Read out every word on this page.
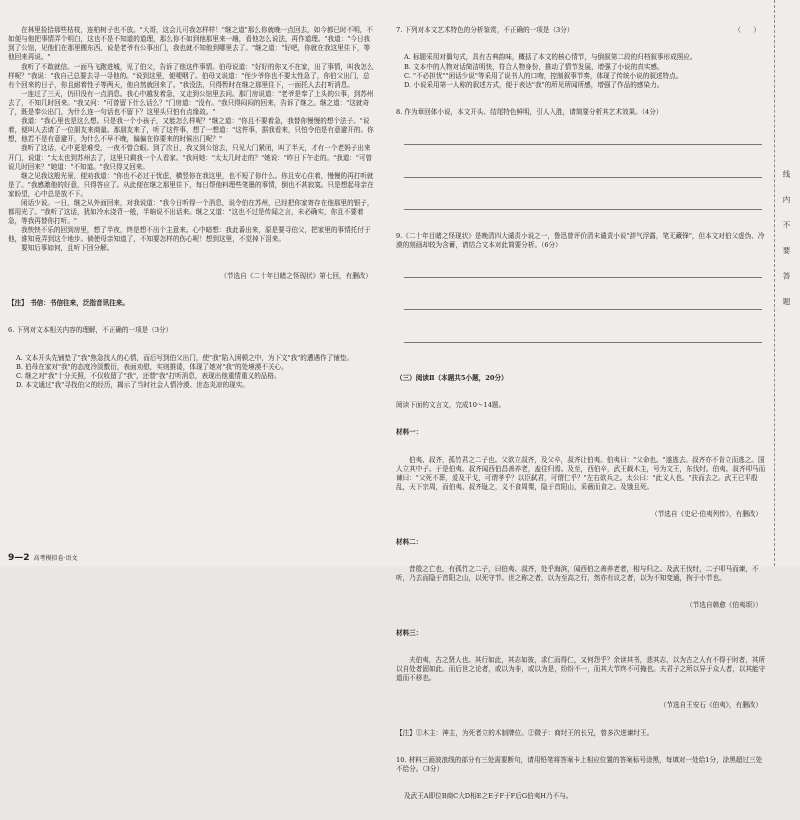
在林里捡拾那些枯枝，连柏树子也不放。"大哥，这会儿可我怎样样！"继之道"那么你就晚一点回去，如今都已时不明，不如便与他把事情弄个明白，这也不是不知道的道理，那么你不如到他那里来一趟，看他怎么说法，再作道理。"我道："今日我到了公馆，见他们在那里搬东西，说是老爷有公事出门，我也就不知他到哪里去了。"继之道："好吧，你就在我这里住下，等他回来再说。"

我听了不敢就信。一面马飞跑进城，见了伯父，告诉了他这件事情。伯母说道："好好的你又不在家，出了事情，叫我怎么样呢？"我说："我自己总要去寻一寻他的。"说到这里，便哽咽了。伯母又说道："侄少爷你也不要太性急了，你伯父出门，总有个回来的日子，你且耐着性子等两天，他自然就回来了。"我没法，只得暂时在继之那里住下，一面托人去打听消息。

一连过了三天，仍旧没有一点消息。我心中越发着急，又走到公馆里去问。那门房说道："老爷是奉了上头的公事，到苏州去了，不知几时回来。"我又问："可曾留下什么话么？"门房道："没有。"我只得闷闷的回来，告诉了继之。继之道："这就奇了，既是奉公出门，为什么连一句话也不留下？这里头只怕有点缘故。"

我道："我心里也是这么想。只是我一个小孩子，又能怎么样呢？"继之道："你且不要着急，我替你慢慢的想个法子。"说着，便叫人去请了一位朋友来商量。那朋友来了，听了这件事，想了一想道："这件事，据我看来，只怕令伯是有意避开的。你想，他若不是有意避开，为什么不早不晚，偏偏在你要来的时候出门呢？"

我听了这话，心中更是难受，一夜不曾合眼。到了次日，我又到公馆去，只见大门紧闭，叫了半天，才有一个老妈子出来开门，说道："太太也到苏州去了，这里只剩我一个人看家。"我问她："太太几时走的？"她说："昨日下午走的。"我道："可曾说几时回来？"她道："不知道。"我只得又回来。

继之见我这般光景，便劝我道："你也不必过于忧虑，横竖你在我这里，也不短了你什么。你且安心住着，慢慢的再打听就是了。"我感激他的好意，只得答应了。从此便在继之那里住下，每日帮他料理些笔墨的事情，倒也不甚寂寞。只是想起母亲在家盼望，心中总是放不下。

闲话少说。一日，继之从外面回来，对我说道："我今日听得一个消息，说令伯在苏州，已经把你家寄存在他那里的银子，都用光了。"我听了这话，犹如冷水浇背一般，半晌说不出话来。继之又道："这也不过是传闻之言，未必确实，你且不要着急，等我再替你打听。"

我怏怏不乐的回到房里，想了半夜，终是想不出个主意来。心中暗想：我此番出来，原是要寻伯父，把家里的事情托付于他，谁知竟弄到这个地步。倘使母亲知道了，不知要怎样的伤心呢！想到这里，不觉掉下泪来。

要知后事如何，且听下回分解。

（节选自《二十年目睹之怪现状》第七回，有删改）

【注】 书信：书信往来，泛指音讯往来。

6. 下列对文本相关内容的理解，不正确的一项是（3分）

A. 文本开头先铺垫了"我"焦急找人的心情，而后写到伯父出门，使"我"陷入困顿之中，为下文"我"的遭遇作了铺垫。

B. 伯母在家对"我"的态度冷淡敷衍，表面劝慰，实则推诿，体现了她对"我"的处境漠不关心。

C. 继之对"我"十分关照，不仅收留了"我"，还替"我"打听消息，表现出他重情重义的品格。

D. 本文通过"我"寻找伯父的经历，揭示了当时社会人情冷漠、世态炎凉的现实。

7. 下列对本文艺术特色的分析鉴赏，不正确的一项是（3分）	（      ）

A. 标题采用对偶句式，具有古典韵味，概括了本文的核心情节，与倒叙第二段的归档叙事形成照应。

B. 文本中的人物对话简洁明快，符合人物身份，推动了情节发展，增强了小说的真实感。

C. "不必担忧""闲话少说"等采用了说书人的口吻，控制叙事节奏，体现了传统小说的叙述特点。

D. 小说采用第一人称的叙述方式，便于表达"我"的所见所闻所感，增强了作品的感染力。

8. 作为章回体小说，本文开头、结尾特色鲜明，引人入胜，请简要分析其艺术效果。（4分）

9.《二十年目睹之怪现状》是晚清四大谴责小说之一，鲁迅曾评价清末谴责小说"辞气浮露，笔无藏锋"，但本文对伯父虚伪、冷漠的刻画却较为含蓄，请结合文本对此简要分析。（6分）

（三）阅读Ⅱ（本题共5小题，20分）

阅读下面的文言文，完成10～14题。

材料一：

伯夷、叔齐，孤竹君之二子也。父欲立叔齐，及父卒，叔齐让伯夷。伯夷曰："父命也。"遂逃去。叔齐亦不肯立而逃之。国人立其中子。于是伯夷、叔齐闻西伯昌善养老，盍往归焉。及至，西伯卒，武王载木主，号为文王，东伐纣。伯夷、叔齐叩马而谏曰："父死不葬，爰及干戈，可谓孝乎？以臣弑君，可谓仁乎？"左右欲兵之。太公曰："此义人也。"扶而去之。武王已平殷乱，天下宗周，而伯夷、叔齐耻之，义不食周粟，隐于首阳山，采薇而食之。及饿且死。

（节选自《史记·伯夷列传》，有删改）

材料二：

昔殷之亡也，有孤竹之二子，曰伯夷、叔齐，处乎海滨，闻西伯之善养老者，相与归之。及武王伐纣，二子叩马而谏，不听，乃去而隐于首阳之山，以死守节。世之称之者，以为至高之行，然亦有议之者，以为不知变通，拘于小节也。

（节选自韩愈《伯夷颂》）

材料三：

夫伯夷，古之贤人也。其行如此，其志如彼，求仁而得仁，又何怨乎？余读其书，悲其志，以为古之人有不得于时者，其所以自处者固如此。而后世之论者，或以为非，或以为是，纷纷不一，而其大节终不可掩也。夫君子之所以异于众人者，以其能守道而不移也。

（节选自王安石《伯夷》，有删改）

【注】①木主：神主，为死者立的木制牌位。②微子：商纣王的长兄，曾多次进谏纣王。

10. 材料三画波浪线的部分有三处需要断句，请用铅笔将答案卡上相应位置的答案标号涂黑，每填对一处给1分，涂黑超过三处不给分。（3分）

及武王A即位B商C大D相E之E子F于F后G伯夷H乃不与。

9—2 高考模拟卷·语文
线内不要答题
